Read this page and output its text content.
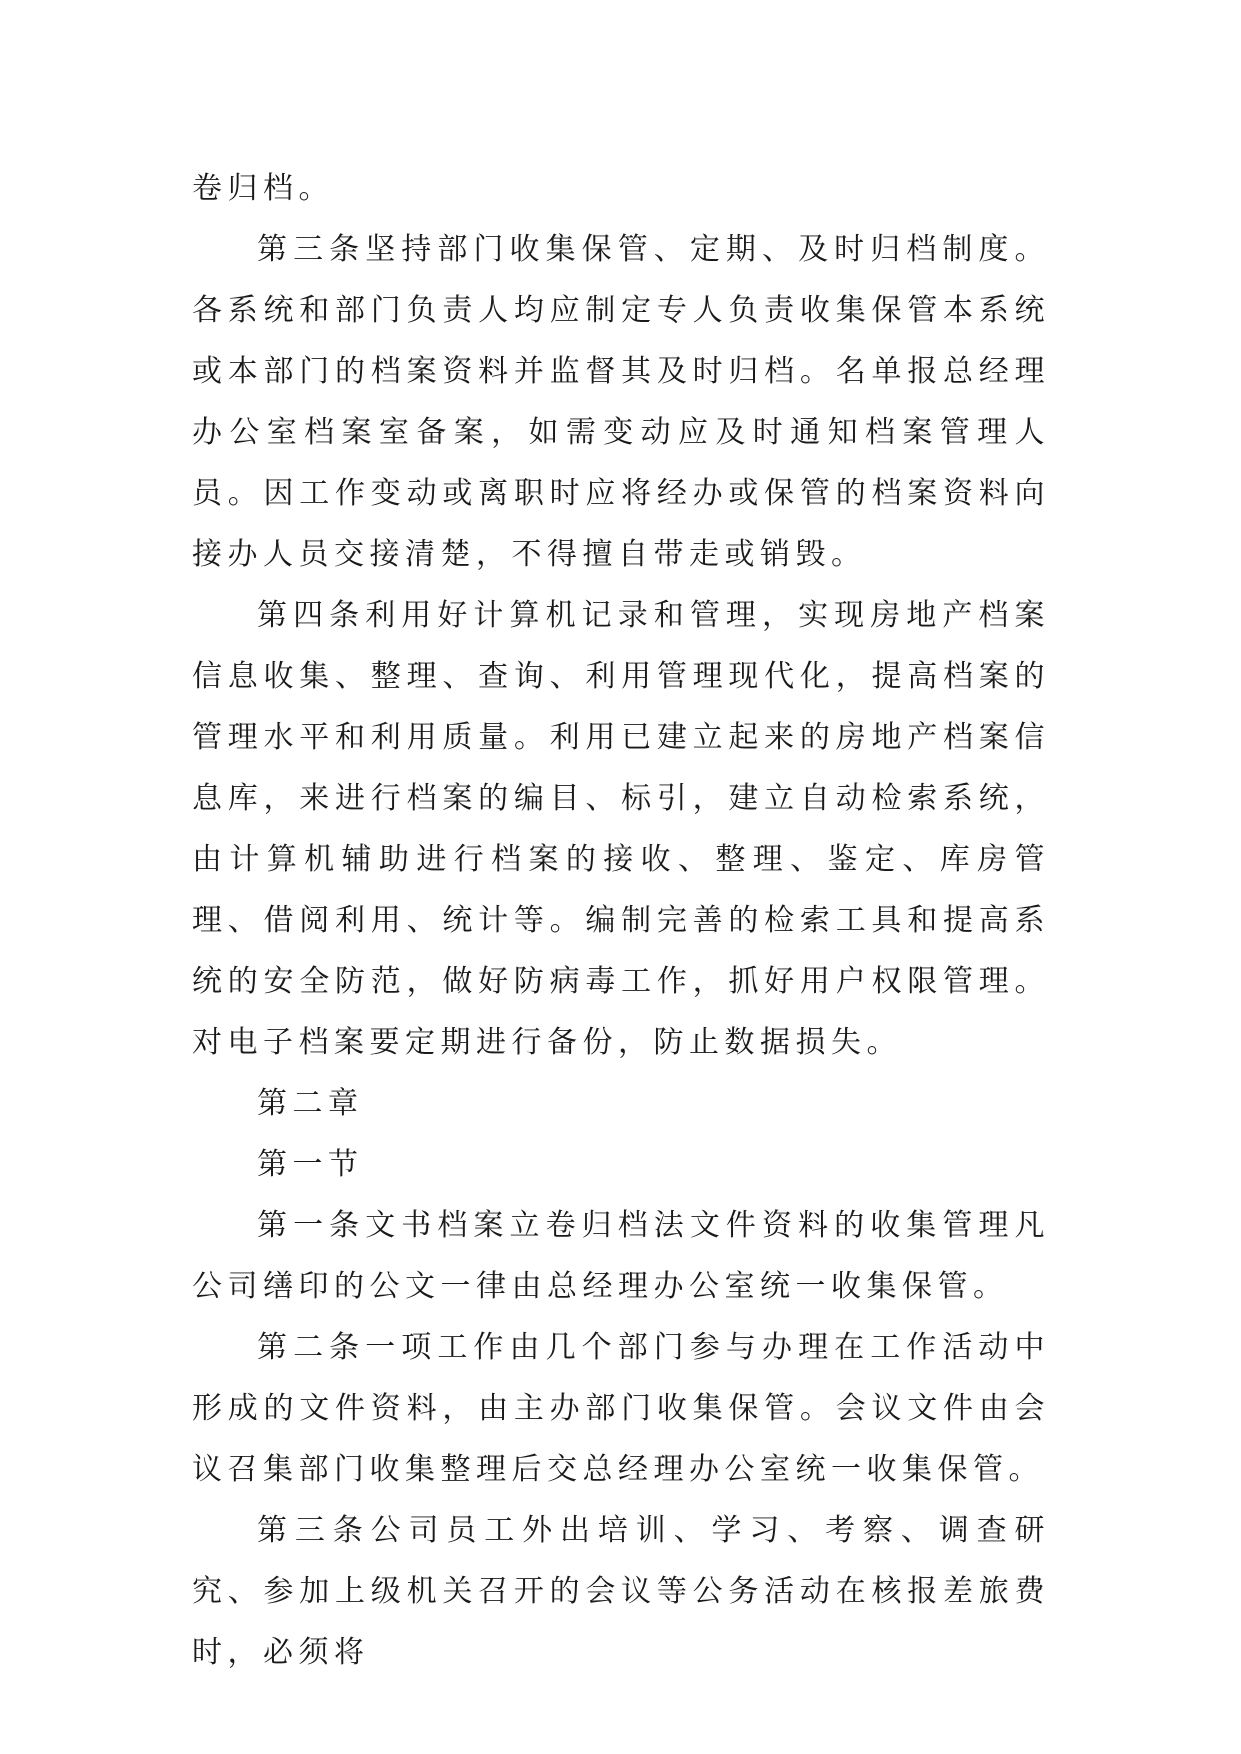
卷归档。

第三条坚持部门收集保管、定期、及时归档制度。各系统和部门负责人均应制定专人负责收集保管本系统或本部门的档案资料并监督其及时归档。名单报总经理办公室档案室备案，如需变动应及时通知档案管理人员。因工作变动或离职时应将经办或保管的档案资料向接办人员交接清楚，不得擅自带走或销毁。

第四条利用好计算机记录和管理，实现房地产档案信息收集、整理、查询、利用管理现代化，提高档案的管理水平和利用质量。利用已建立起来的房地产档案信息库，来进行档案的编目、标引，建立自动检索系统，由计算机辅助进行档案的接收、整理、鉴定、库房管理、借阅利用、统计等。编制完善的检索工具和提高系统的安全防范，做好防病毒工作，抓好用户权限管理。对电子档案要定期进行备份，防止数据损失。

第二章

第一节

第一条文书档案立卷归档法文件资料的收集管理凡公司缮印的公文一律由总经理办公室统一收集保管。

第二条一项工作由几个部门参与办理在工作活动中形成的文件资料，由主办部门收集保管。会议文件由会议召集部门收集整理后交总经理办公室统一收集保管。

第三条公司员工外出培训、学习、考察、调查研究、参加上级机关召开的会议等公务活动在核报差旅费时，必须将
